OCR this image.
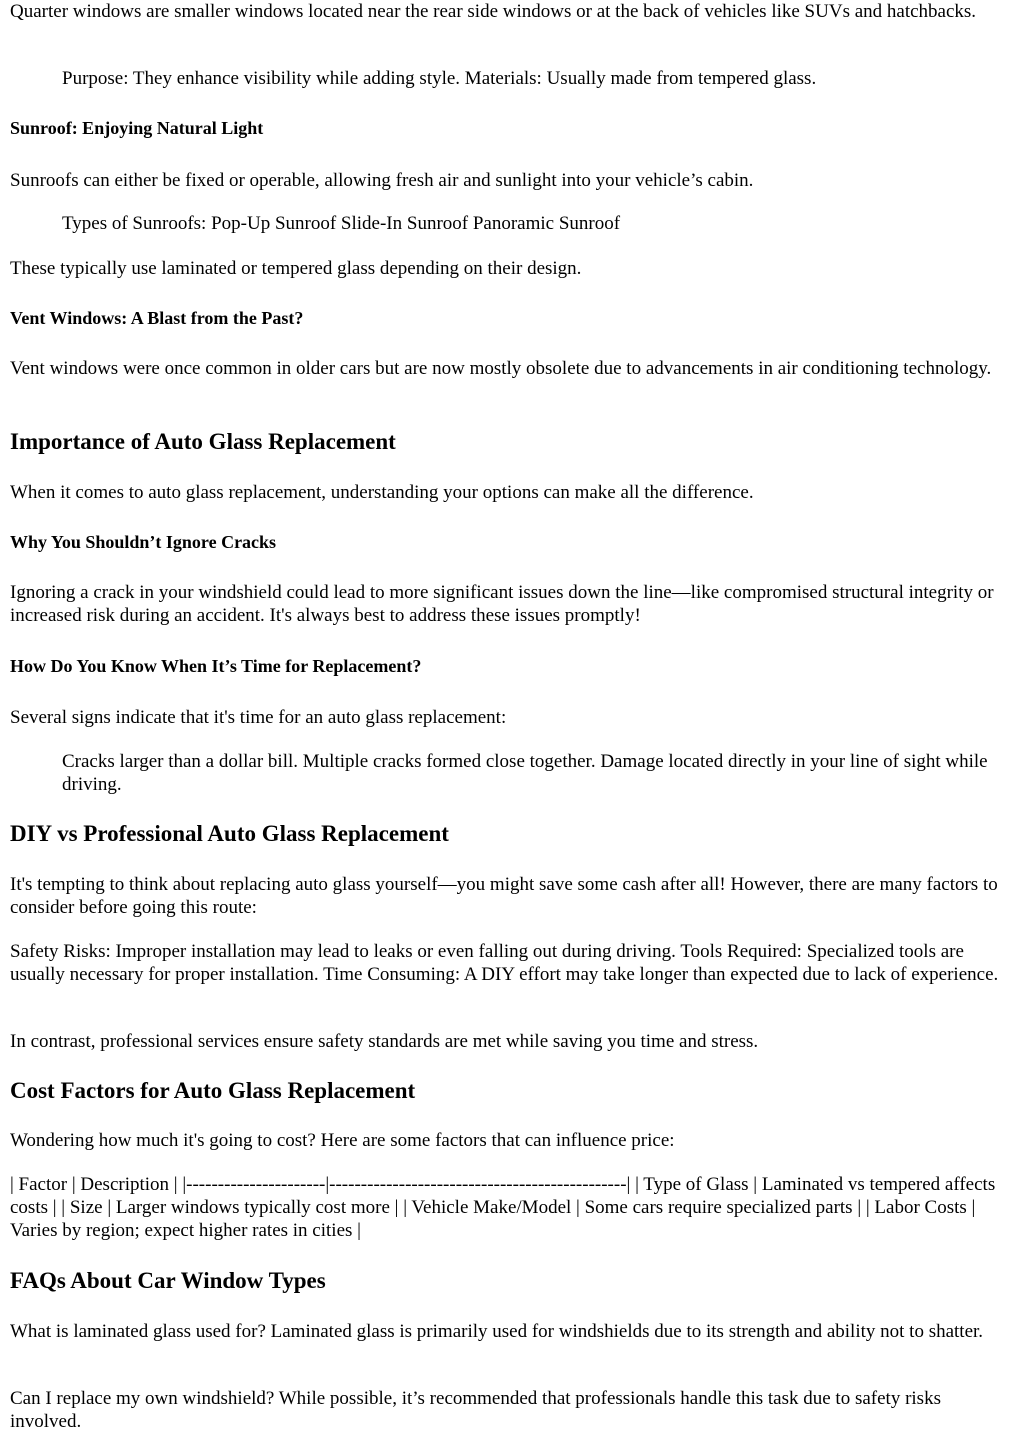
Quarter windows are smaller windows located near the rear side windows or at the back of vehicles like SUVs and hatchbacks.

Purpose: They enhance visibility while adding style. Materials: Usually made from tempered glass.

Sunroof: Enjoying Natural Light

Sunroofs can either be fixed or operable, allowing fresh air and sunlight into your vehicle’s cabin.

Types of Sunroofs: Pop-Up Sunroof Slide-In Sunroof Panoramic Sunroof

These typically use laminated or tempered glass depending on their design.

Vent Windows: A Blast from the Past?

Vent windows were once common in older cars but are now mostly obsolete due to advancements in air conditioning technology.

Importance of Auto Glass Replacement

When it comes to auto glass replacement, understanding your options can make all the difference.

Why You Shouldn’t Ignore Cracks

Ignoring a crack in your windshield could lead to more significant issues down the line—like compromised structural integrity or increased risk during an accident. It's always best to address these issues promptly!

How Do You Know When It’s Time for Replacement?

Several signs indicate that it's time for an auto glass replacement:

Cracks larger than a dollar bill. Multiple cracks formed close together. Damage located directly in your line of sight while driving.

DIY vs Professional Auto Glass Replacement

It's tempting to think about replacing auto glass yourself—you might save some cash after all! However, there are many factors to consider before going this route:

Safety Risks: Improper installation may lead to leaks or even falling out during driving. Tools Required: Specialized tools are usually necessary for proper installation. Time Consuming: A DIY effort may take longer than expected due to lack of experience.

In contrast, professional services ensure safety standards are met while saving you time and stress.

Cost Factors for Auto Glass Replacement

Wondering how much it's going to cost? Here are some factors that can influence price:

| Factor | Description | |----------------------|-----------------------------------------------| | Type of Glass | Laminated vs tempered affects costs | | Size | Larger windows typically cost more | | Vehicle Make/Model | Some cars require specialized parts | | Labor Costs | Varies by region; expect higher rates in cities |

FAQs About Car Window Types

What is laminated glass used for? Laminated glass is primarily used for windshields due to its strength and ability not to shatter.

Can I replace my own windshield? While possible, it’s recommended that professionals handle this task due to safety risks involved.
